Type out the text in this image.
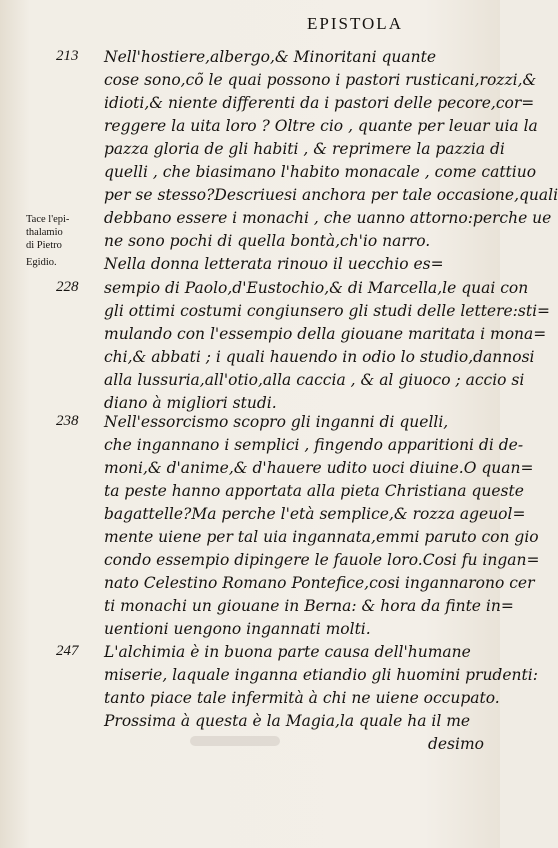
EPISTOLA
213
228
238
247
Tace l'epi-
thalamio
di Pietro
Egidio.
Nell'hostiere,albergo,& Minoritani quante
cose sono,cõ le quai possono i pastori rusticani,rozzi,&
idioti,& niente differenti da i pastori delle pecore,cor=
reggere la uita loro ? Oltre cio , quante per leuar uia la
pazza gloria de gli habiti , & reprimere la pazzia di
quelli , che biasimano l'habito monacale , come cattiuo
per se stesso?Descriuesi anchora per tale occasione,quali
debbano essere i monachi , che uanno attorno:perche ue
ne sono pochi di quella bontà,ch'io narro.
Nella donna letterata rinouo il uecchio es=
sempio di Paolo,d'Eustochio,& di Marcella,le quai con
gli ottimi costumi congiunsero gli studi delle lettere:sti=
mulando con l'essempio della giouane maritata i mona=
chi,& abbati ; i quali hauendo in odio lo studio,dannosi
alla lussuria,all'otio,alla caccia , & al giuoco ; accio si
diano à migliori studi.
Nell'essorcismo scopro gli inganni di quelli,
che ingannano i semplici , fingendo apparitioni di de-
moni,& d'anime,& d'hauere udito uoci diuine.O quan=
ta peste hanno apportata alla pieta Christiana queste
bagattelle?Ma perche l'età semplice,& rozza ageuol=
mente uiene per tal uia ingannata,emmi paruto con gio
condo essempio dipingere le fauole loro.Cosi fu ingan=
nato Celestino Romano Pontefice,cosi ingannarono cer
ti monachi un giouane in Berna: & hora da finte in=
uentioni uengono ingannati molti.
L'alchimia è in buona parte causa dell'humane
miserie, laquale inganna etiandio gli huomini prudenti:
tanto piace tale infermità à chi ne uiene occupato.
Prossima à questa è la Magia,la quale ha il me
desimo
